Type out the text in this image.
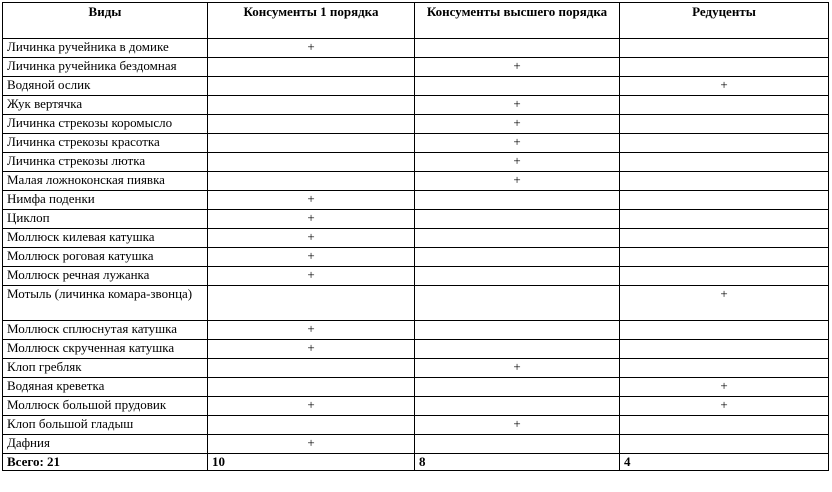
Виды	Консументы 1 порядка	Консументы высшего порядка	Редуценты
Личинка ручейника в домике	+		
Личинка ручейника бездомная		+	
Водяной ослик			+
Жук вертячка		+	
Личинка стрекозы коромысло		+	
Личинка стрекозы красотка		+	
Личинка стрекозы лютка		+	
Малая ложноконская пиявка		+	
Нимфа поденки	+		
Циклоп	+		
Моллюск килевая катушка	+		
Моллюск роговая катушка	+		
Моллюск речная лужанка	+		
Мотыль (личинка комара-звонца)			+
Моллюск сплюснутая катушка	+		
Моллюск скрученная катушка	+		
Клоп гребляк		+	
Водяная креветка			+
Моллюск большой прудовик	+		+
Клоп большой гладыш		+	
Дафния	+		
Всего: 21	10	8	4
